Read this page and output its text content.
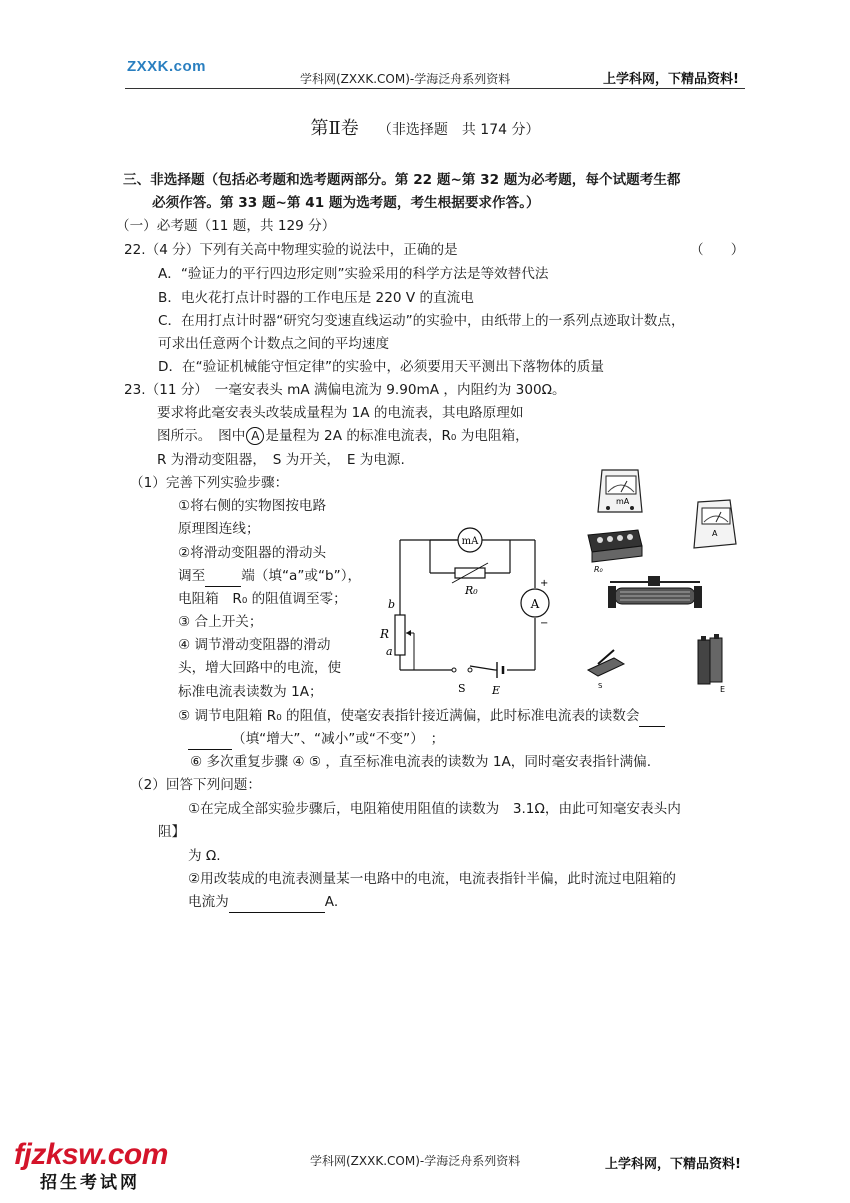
ZXXK.com
学科网(ZXXK.COM)-学海泛舟系列资料	上学科网，下精品资料!
第Ⅱ卷 （非选择题　共 174 分）
三、非选择题（包括必考题和选考题两部分。第 22 题~第 32 题为必考题，每个试题考生都
必须作答。第 33 题~第 41 题为选考题，考生根据要求作答。）
（一）必考题（11 题，共 129 分）
22.（4 分）下列有关高中物理实验的说法中，正确的是	（　　）
A．“验证力的平行四边形定则”实验采用的科学方法是等效替代法
B．电火花打点计时器的工作电压是 220 V 的直流电
C．在用打点计时器“研究匀变速直线运动”的实验中，由纸带上的一系列点迹取计数点，
可求出任意两个计数点之间的平均速度
D．在“验证机械能守恒定律”的实验中，必须要用天平测出下落物体的质量
23.（11 分）　一毫安表头 mA 满偏电流为 9.90mA ，内阻约为 300Ω。
要求将此毫安表头改装成量程为 1A 的电流表，其电路原理如
图所示。　图中 A 是量程为 2A 的标准电流表，R₀ 为电阻箱，
R 为滑动变阻器，　S 为开关，　E 为电源.
（1）完善下列实验步骤：
①将右侧的实物图按电路
原理图连线；
②将滑动变阻器的滑动头
调至	端（填“a”或“b”），
电阻箱　R₀ 的阻值调至零；
③ 合上开关；
④ 调节滑动变阻器的滑动
头，增大回路中的电流，使
标准电流表读数为 1A；
⑤ 调节电阻箱 R₀ 的阻值，使毫安表指针接近满偏，此时标准电流表的读数会
（填“增大”、“减小”或“不变”）　；
⑥ 多次重复步骤 ④ ⑤ ，直至标准电流表的读数为 1A，同时毫安表指针满偏.
（2）回答下列问题：
①在完成全部实验步骤后，电阻箱使用阻值的读数为　3.1Ω，由此可知毫安表头内
阻】
为 Ω.
②用改装成的电流表测量某一电路中的电流，电流表指针半偏，此时流过电阻箱的
电流为	A.
mA
R₀
A
+
−
b
R
a
S E
mA
R₀
A
S	E
fjzksw.com
招生考试网
学科网(ZXXK.COM)-学海泛舟系列资料	上学科网，下精品资料!
